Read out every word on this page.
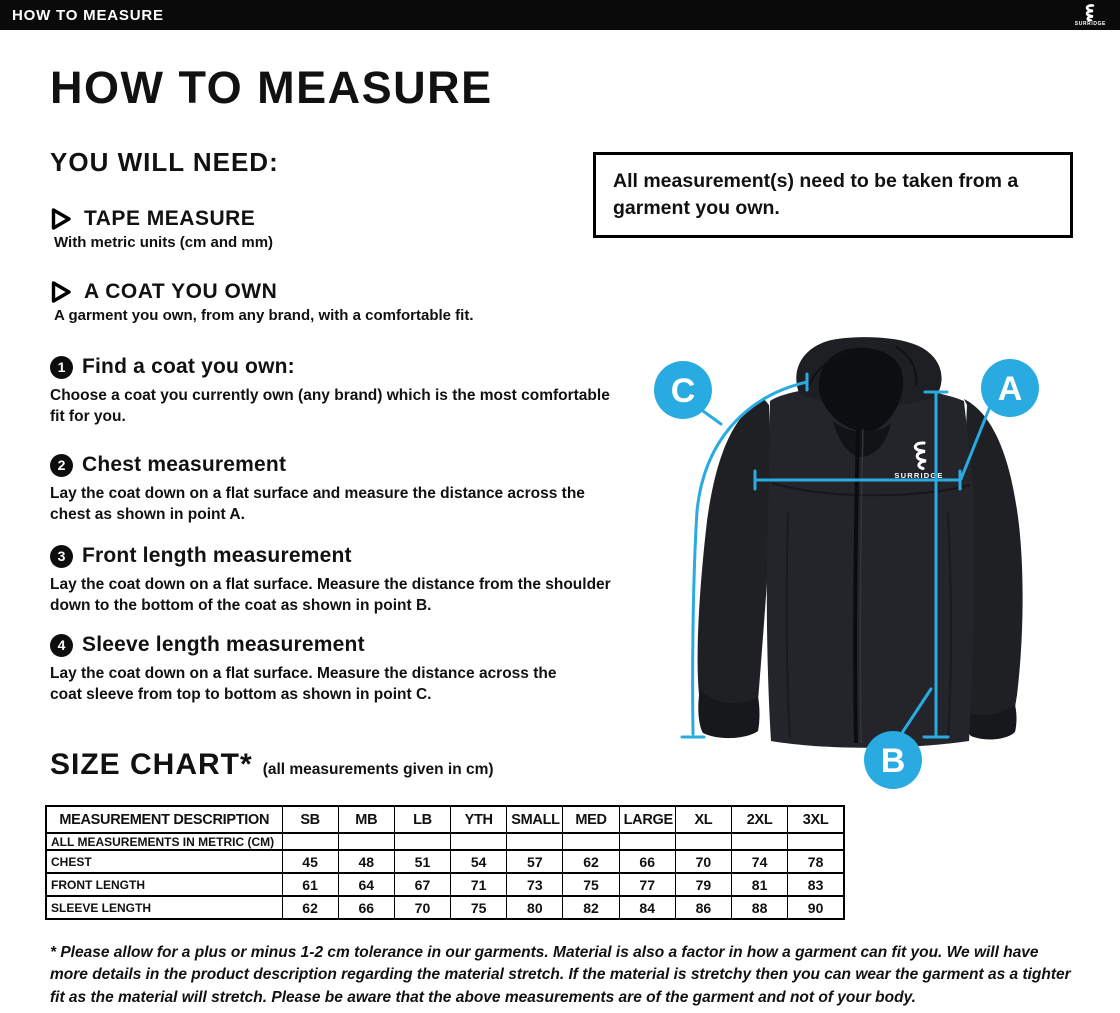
HOW TO MEASURE	SURRIDGE
HOW TO MEASURE
YOU WILL NEED:
TAPE MEASURE
With metric units (cm and mm)
A COAT YOU OWN
A garment you own, from any brand, with a comfortable fit.
All measurement(s) need to be taken from a garment you own.
1 Find a coat you own:
Choose a coat you currently own (any brand) which is the most comfortable fit for you.
2 Chest measurement
Lay the coat down on a flat surface and measure the distance across the chest as shown in point A.
3 Front length measurement
Lay the coat down on a flat surface. Measure the distance from the shoulder down to the bottom of the coat as shown in point B.
4 Sleeve length measurement
Lay the coat down on a flat surface. Measure the distance across the coat sleeve from top to bottom as shown in point C.
SURRIDGE
A
B
C
SIZE CHART* (all measurements given in cm)
MEASUREMENT DESCRIPTION	SB	MB	LB	YTH	SMALL	MED	LARGE	XL	2XL	3XL
ALL MEASUREMENTS IN METRIC (CM)										
CHEST	45	48	51	54	57	62	66	70	74	78
FRONT LENGTH	61	64	67	71	73	75	77	79	81	83
SLEEVE LENGTH	62	66	70	75	80	82	84	86	88	90
* Please allow for a plus or minus 1-2 cm tolerance in our garments. Material is also a factor in how a garment can fit you. We will have more details in the product description regarding the material stretch. If the material is stretchy then you can wear the garment as a tighter fit as the material will stretch. Please be aware that the above measurements are of the garment and not of your body.
